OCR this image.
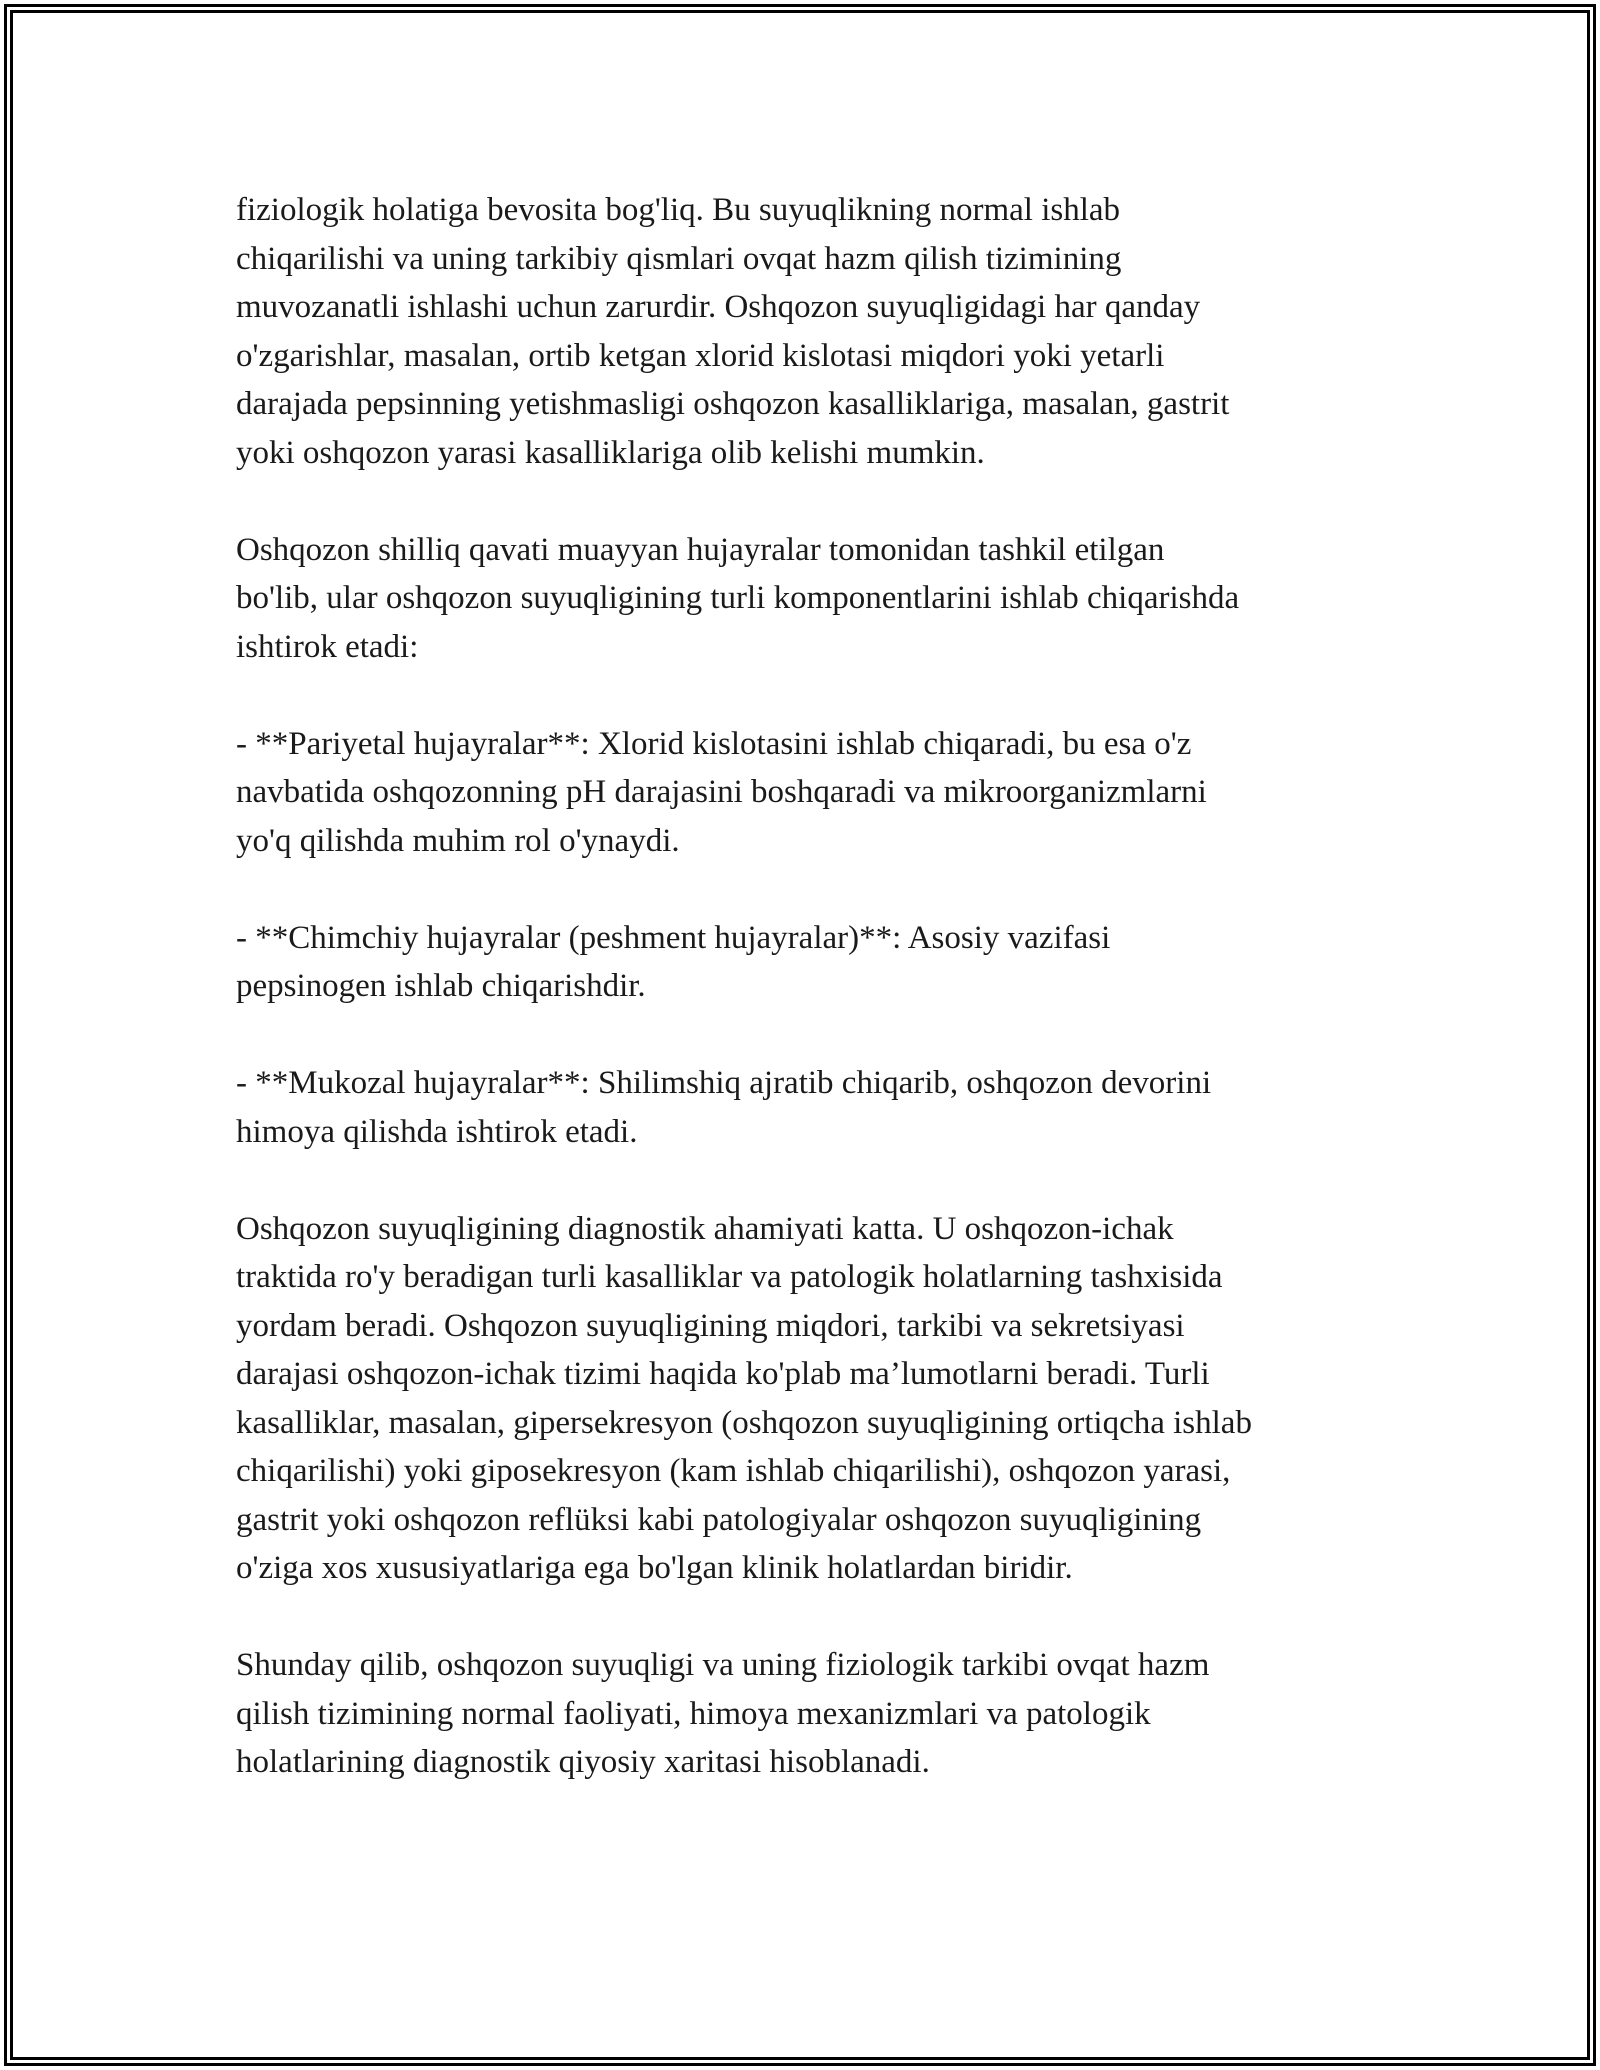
fiziologik holatiga bevosita bog'liq. Bu suyuqlikning normal ishlab
chiqarilishi va uning tarkibiy qismlari ovqat hazm qilish tizimining
muvozanatli ishlashi uchun zarurdir. Oshqozon suyuqligidagi har qanday
o'zgarishlar, masalan, ortib ketgan xlorid kislotasi miqdori yoki yetarli
darajada pepsinning yetishmasligi oshqozon kasalliklariga, masalan, gastrit
yoki oshqozon yarasi kasalliklariga olib kelishi mumkin.

Oshqozon shilliq qavati muayyan hujayralar tomonidan tashkil etilgan
bo'lib, ular oshqozon suyuqligining turli komponentlarini ishlab chiqarishda
ishtirok etadi:

- **Pariyetal hujayralar**: Xlorid kislotasini ishlab chiqaradi, bu esa o'z
navbatida oshqozonning pH darajasini boshqaradi va mikroorganizmlarni
yo'q qilishda muhim rol o'ynaydi.

- **Chimchiy hujayralar (peshment hujayralar)**: Asosiy vazifasi
pepsinogen ishlab chiqarishdir.

- **Mukozal hujayralar**: Shilimshiq ajratib chiqarib, oshqozon devorini
himoya qilishda ishtirok etadi.

Oshqozon suyuqligining diagnostik ahamiyati katta. U oshqozon-ichak
traktida ro'y beradigan turli kasalliklar va patologik holatlarning tashxisida
yordam beradi. Oshqozon suyuqligining miqdori, tarkibi va sekretsiyasi
darajasi oshqozon-ichak tizimi haqida ko'plab ma’lumotlarni beradi. Turli
kasalliklar, masalan, gipersekresyon (oshqozon suyuqligining ortiqcha ishlab
chiqarilishi) yoki giposekresyon (kam ishlab chiqarilishi), oshqozon yarasi,
gastrit yoki oshqozon reflüksi kabi patologiyalar oshqozon suyuqligining
o'ziga xos xususiyatlariga ega bo'lgan klinik holatlardan biridir.

Shunday qilib, oshqozon suyuqligi va uning fiziologik tarkibi ovqat hazm
qilish tizimining normal faoliyati, himoya mexanizmlari va patologik
holatlarining diagnostik qiyosiy xaritasi hisoblanadi.
